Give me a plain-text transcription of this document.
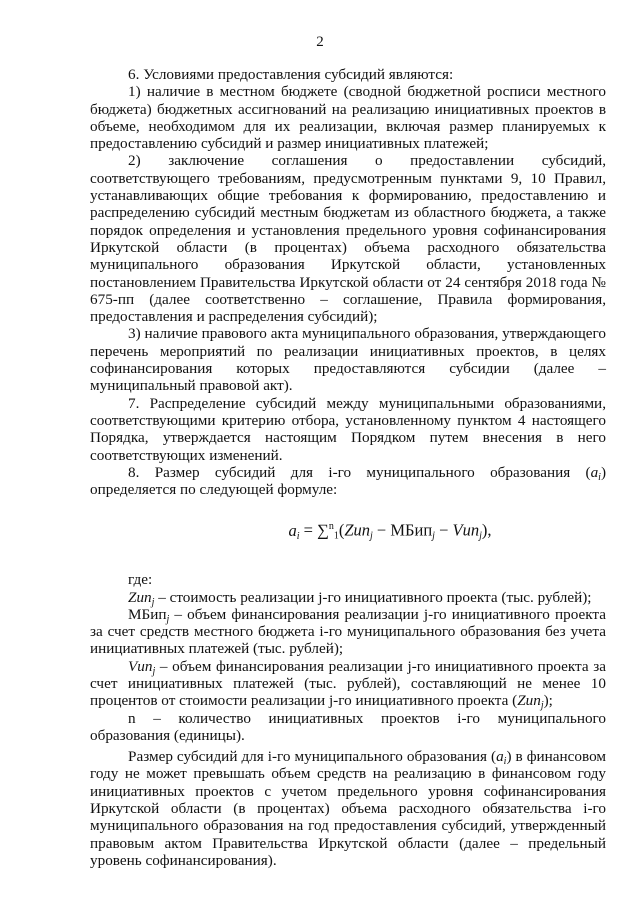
2

6. Условиями предоставления субсидий являются:

1) наличие в местном бюджете (сводной бюджетной росписи местного бюджета) бюджетных ассигнований на реализацию инициативных проектов в объеме, необходимом для их реализации, включая размер планируемых к предоставлению субсидий и размер инициативных платежей;

2) заключение соглашения о предоставлении субсидий, соответствующего требованиям, предусмотренным пунктами 9, 10 Правил, устанавливающих общие требования к формированию, предоставлению и распределению субсидий местным бюджетам из областного бюджета, а также порядок определения и установления предельного уровня софинансирования Иркутской области (в процентах) объема расходного обязательства муниципального образования Иркутской области, установленных постановлением Правительства Иркутской области от 24 сентября 2018 года № 675-пп (далее соответственно – соглашение, Правила формирования, предоставления и распределения субсидий);

3) наличие правового акта муниципального образования, утверждающего перечень мероприятий по реализации инициативных проектов, в целях софинансирования которых предоставляются субсидии (далее – муниципальный правовой акт).

7. Распределение субсидий между муниципальными образованиями, соответствующими критерию отбора, установленному пунктом 4 настоящего Порядка, утверждается настоящим Порядком путем внесения в него соответствующих изменений.

8. Размер субсидий для i-го муниципального образования $(a_i)$ определяется по следующей формуле:

$a_i = \sum^n_1(Zип_j$ − МБип$_j$ − Vип$_j$),

где:

Zип$_j$ – стоимость реализации j-го инициативного проекта (тыс. рублей);

МБип$_j$ – объем финансирования реализации j-го инициативного проекта за счет средств местного бюджета i-го муниципального образования без учета инициативных платежей (тыс. рублей);

Vип$_j$ – объем финансирования реализации j-го инициативного проекта за счет инициативных платежей (тыс. рублей), составляющий не менее 10 процентов от стоимости реализации j-го инициативного проекта (Zип$_j$);

n – количество инициативных проектов i-го муниципального образования (единицы).

Размер субсидий для i-го муниципального образования $(a_i)$ в финансовом году не может превышать объем средств на реализацию в финансовом году инициативных проектов с учетом предельного уровня софинансирования Иркутской области (в процентах) объема расходного обязательства i-го муниципального образования на год предоставления субсидий, утвержденный правовым актом Правительства Иркутской области (далее – предельный уровень софинансирования).
